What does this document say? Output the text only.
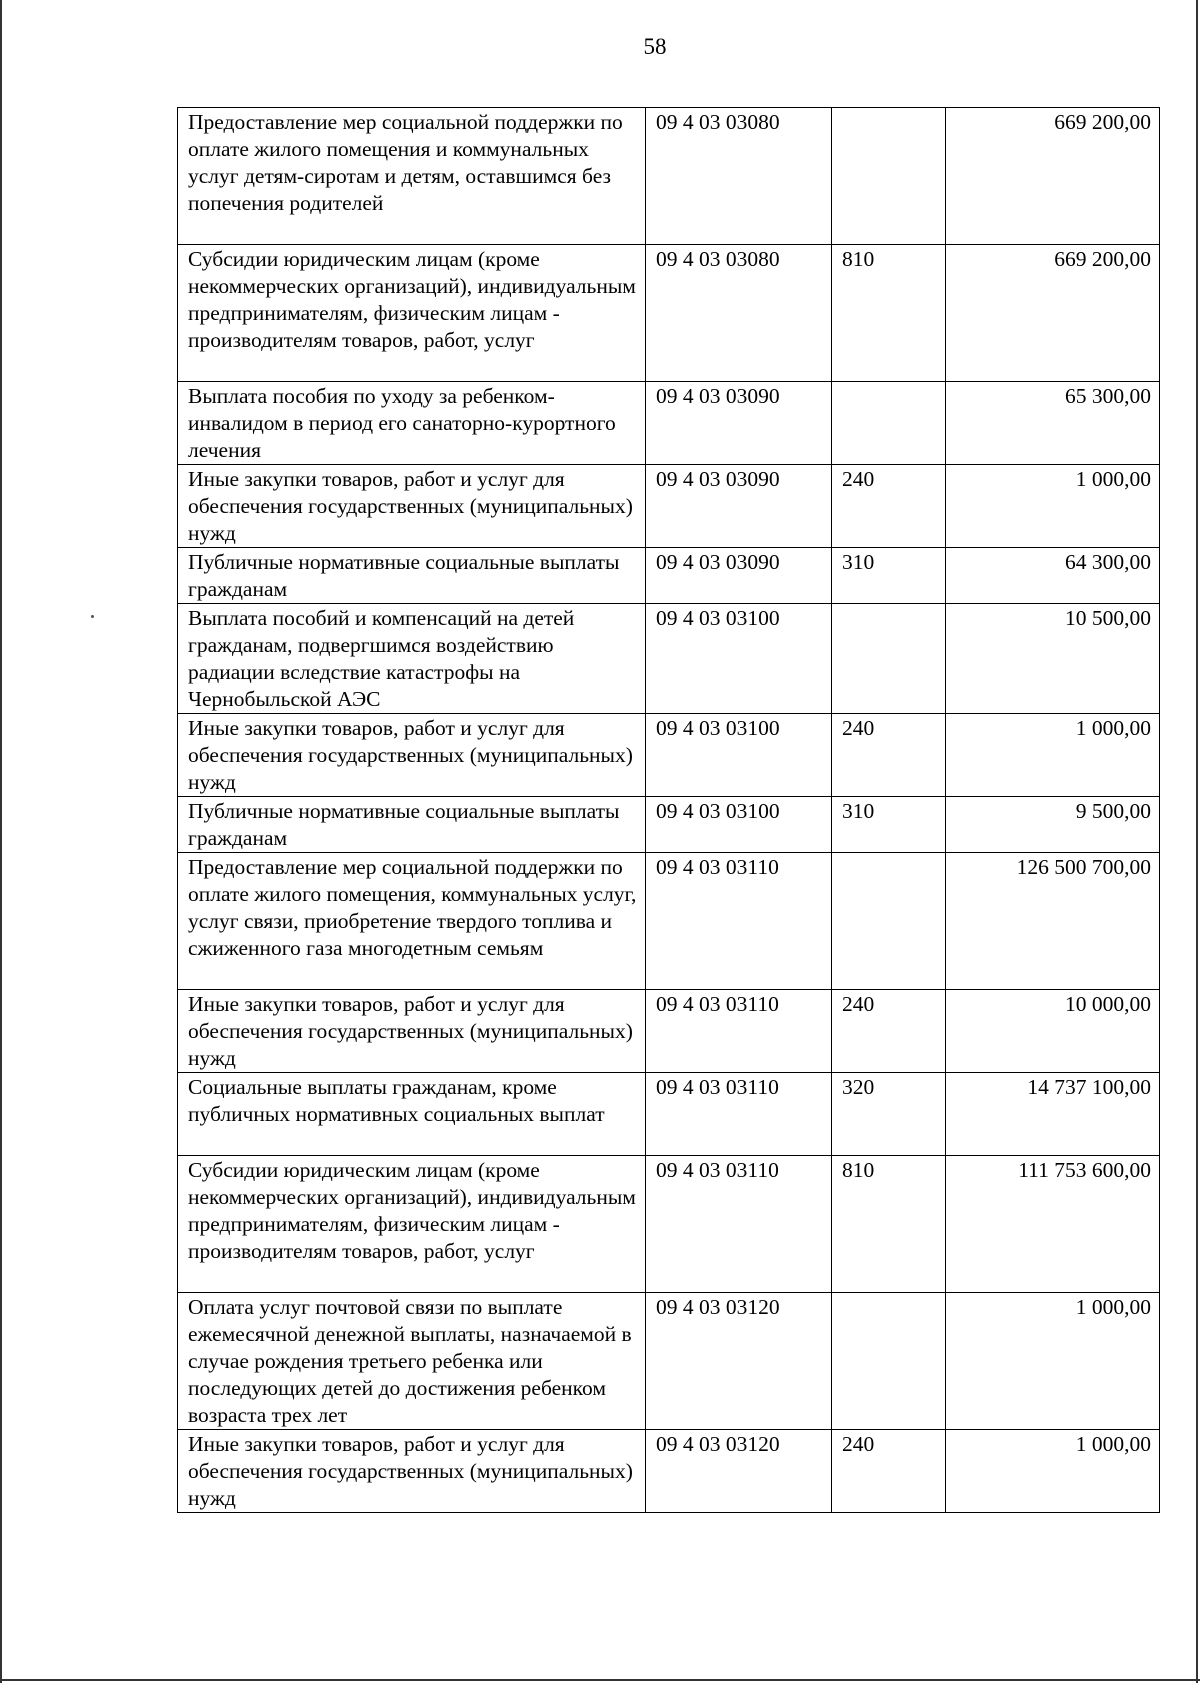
58
Предоставление мер социальной поддержки по оплате жилого помещения и коммунальных услуг детям-сиротам и детям, оставшимся без попечения родителей	09 4 03 03080		669 200,00
Субсидии юридическим лицам (кроме некоммерческих организаций), индивидуальным предпринимателям, физическим лицам - производителям товаров, работ, услуг	09 4 03 03080	810	669 200,00
Выплата пособия по уходу за ребенком-инвалидом в период его санаторно-курортного лечения	09 4 03 03090		65 300,00
Иные закупки товаров, работ и услуг для обеспечения государственных (муниципальных) нужд	09 4 03 03090	240	1 000,00
Публичные нормативные социальные выплаты гражданам	09 4 03 03090	310	64 300,00
Выплата пособий и компенсаций на детей гражданам, подвергшимся воздействию радиации вследствие катастрофы на Чернобыльской АЭС	09 4 03 03100		10 500,00
Иные закупки товаров, работ и услуг для обеспечения государственных (муниципальных) нужд	09 4 03 03100	240	1 000,00
Публичные нормативные социальные выплаты гражданам	09 4 03 03100	310	9 500,00
Предоставление мер социальной поддержки по оплате жилого помещения, коммунальных услуг, услуг связи, приобретение твердого топлива и сжиженного газа многодетным семьям	09 4 03 03110		126 500 700,00
Иные закупки товаров, работ и услуг для обеспечения государственных (муниципальных) нужд	09 4 03 03110	240	10 000,00
Социальные выплаты гражданам, кроме публичных нормативных социальных выплат	09 4 03 03110	320	14 737 100,00
Субсидии юридическим лицам (кроме некоммерческих организаций), индивидуальным предпринимателям, физическим лицам - производителям товаров, работ, услуг	09 4 03 03110	810	111 753 600,00
Оплата услуг почтовой связи по выплате ежемесячной денежной выплаты, назначаемой в случае рождения третьего ребенка или последующих детей до достижения ребенком возраста трех лет	09 4 03 03120		1 000,00
Иные закупки товаров, работ и услуг для обеспечения государственных (муниципальных) нужд	09 4 03 03120	240	1 000,00
